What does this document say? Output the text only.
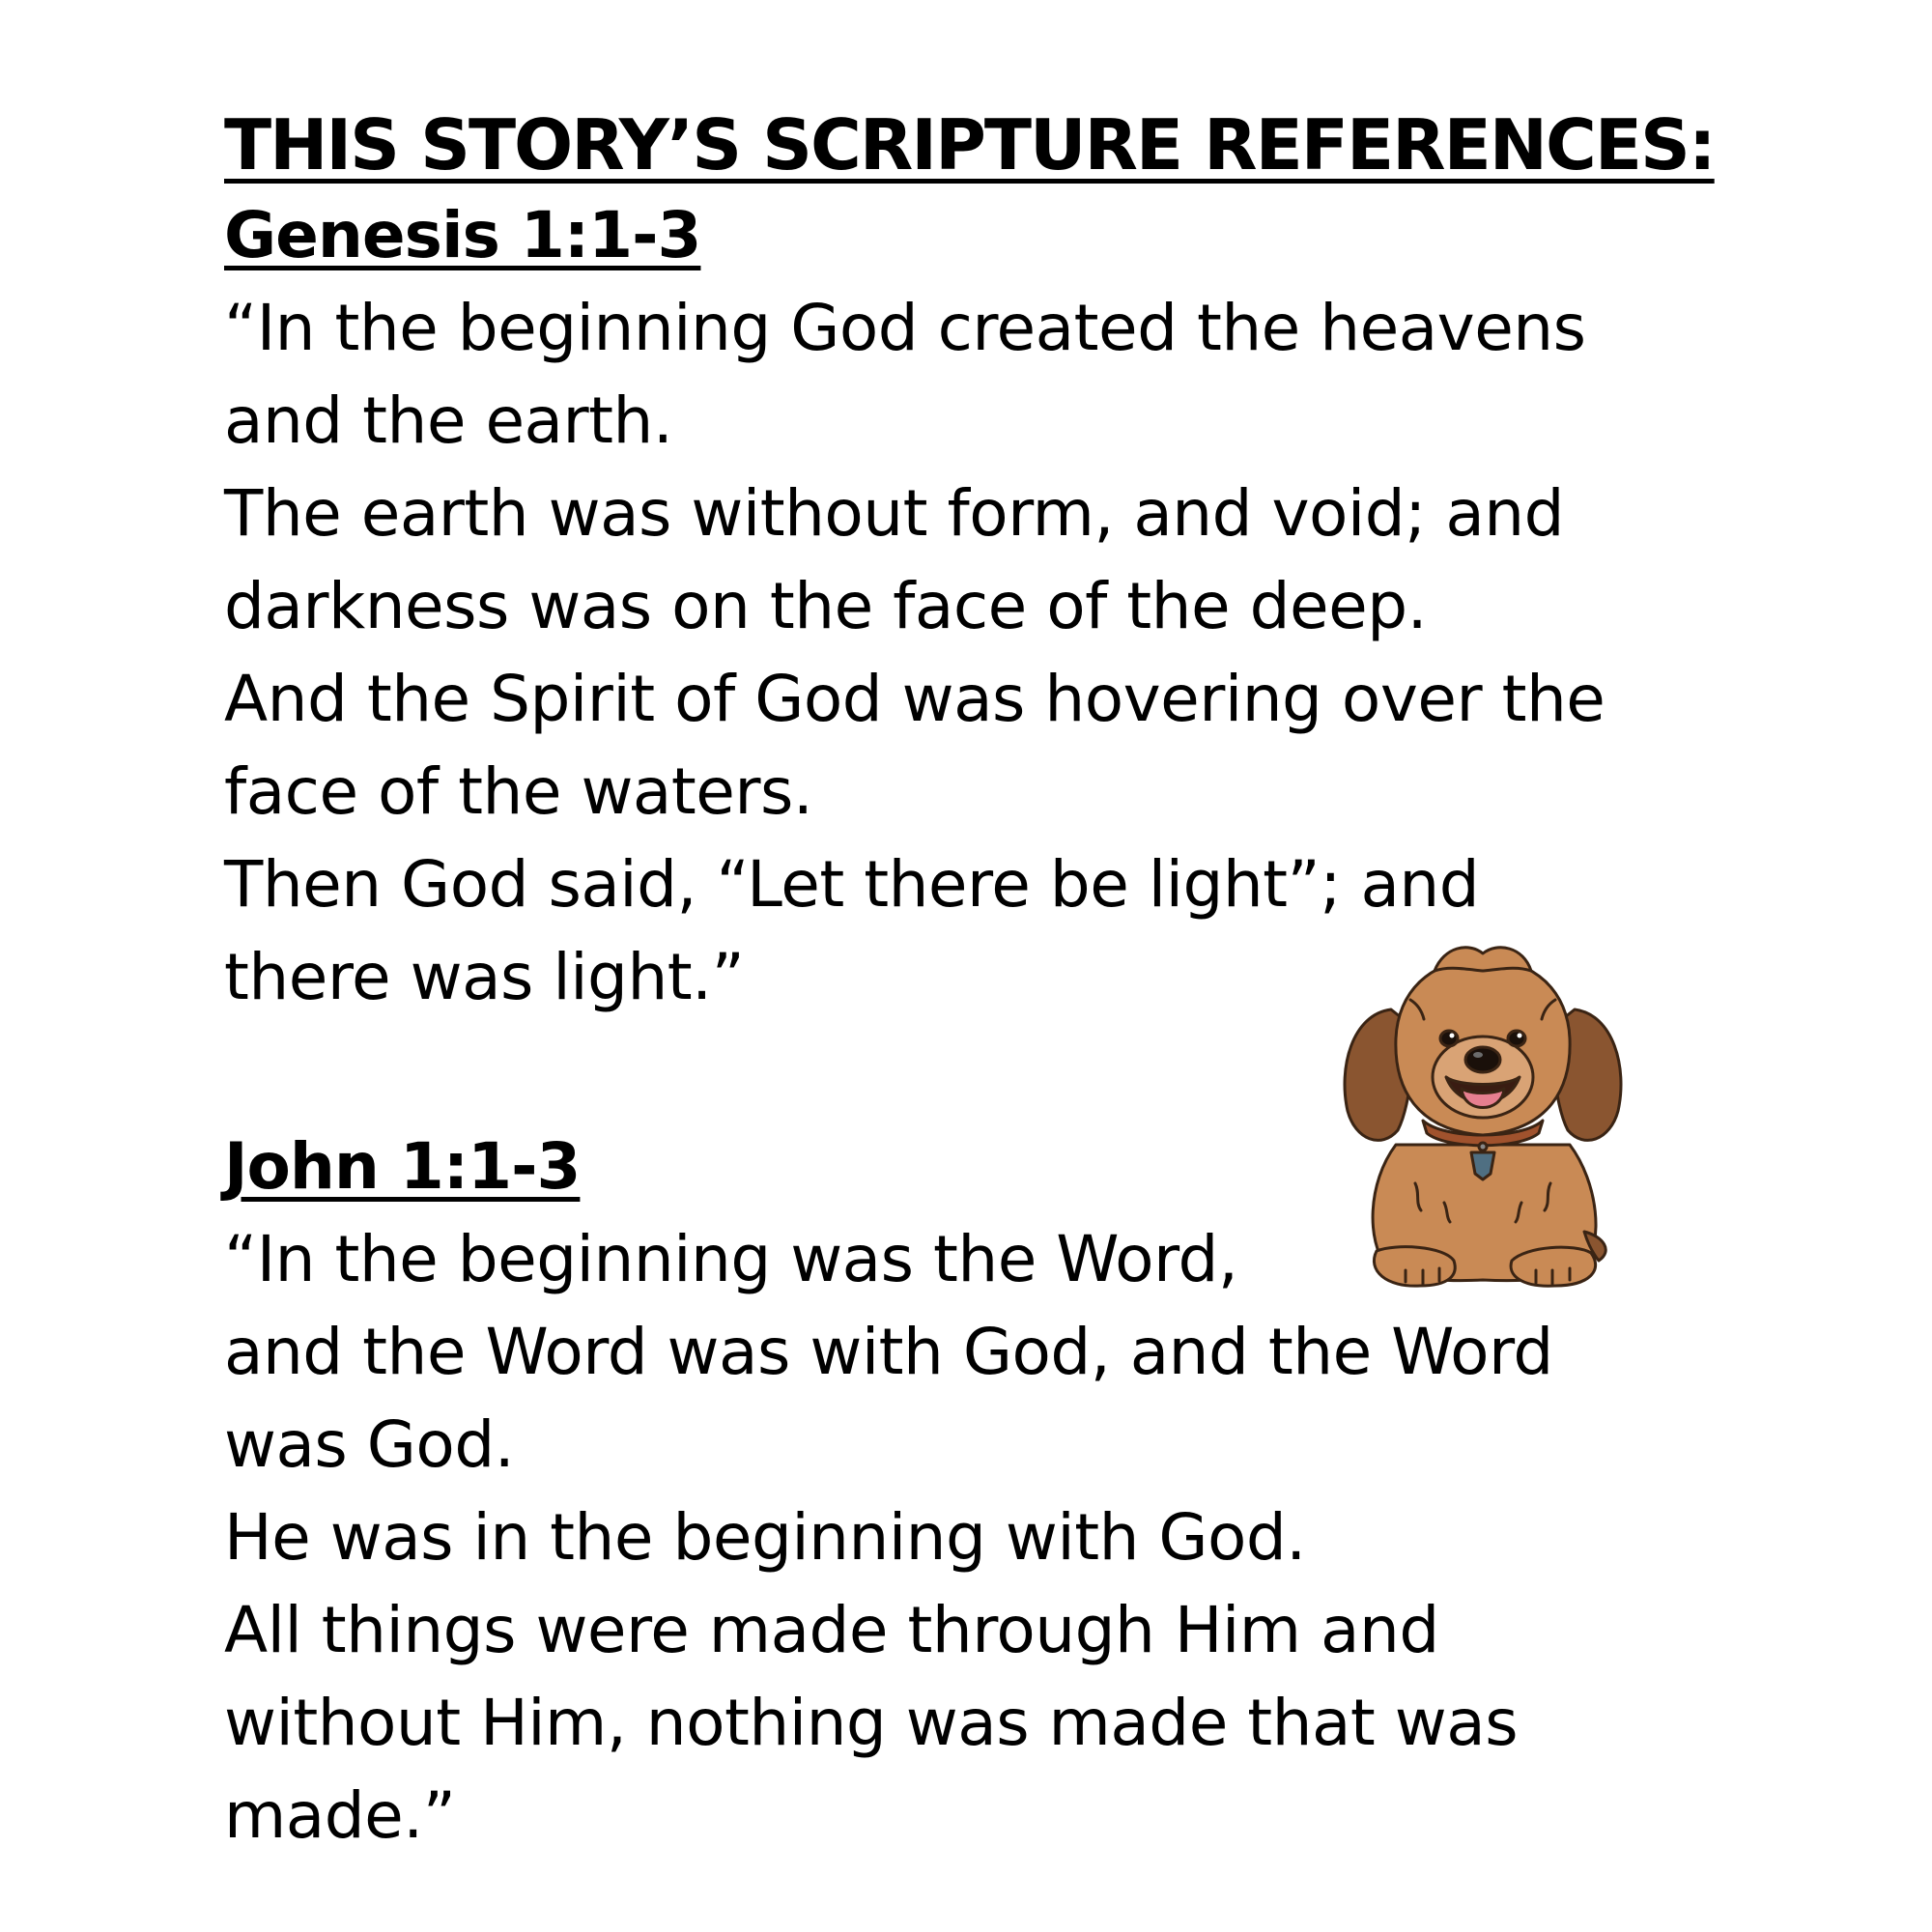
THIS STORY’S SCRIPTURE REFERENCES:

Genesis 1:1-3

“In the beginning God created the heavens

and the earth.

The earth was without form, and void; and

darkness was on the face of the deep.

And the Spirit of God was hovering over the

face of the waters.

Then God said, “Let there be light”; and

there was light.”

John 1:1-3

“In the beginning was the Word,

and the Word was with God, and the Word

was God.

He was in the beginning with God.

All things were made through Him and

without Him, nothing was made that was

made.”
